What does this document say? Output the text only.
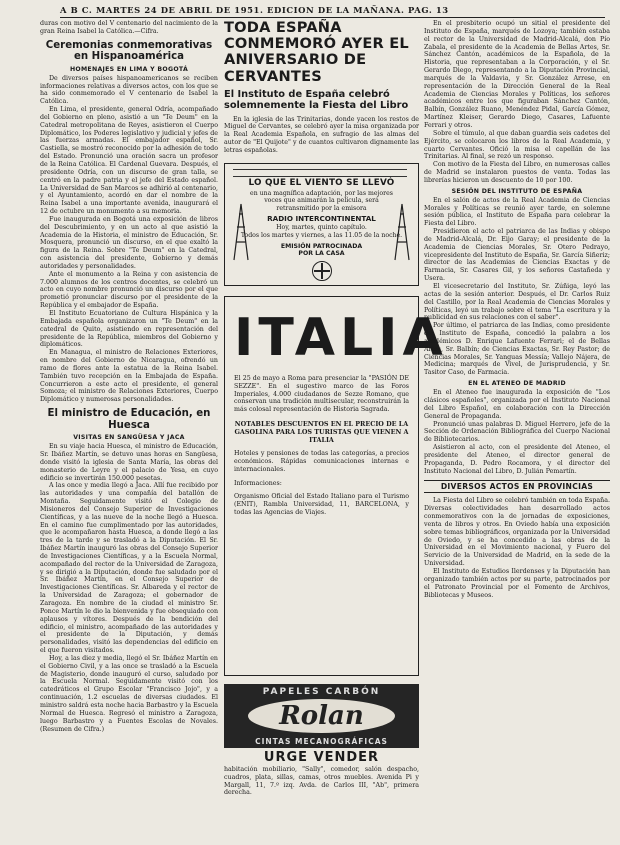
A B C. MARTES 24 DE ABRIL DE 1951. EDICION DE LA MAÑANA. PAG. 13

duras con motivo del V centenario del nacimiento de la gran Reina Isabel la Católica.—Cifra.

Ceremonias conmemorativas en Hispanoamérica
HOMENAJES EN LIMA Y BOGOTÁ

De diversos países hispanoamericanos se reciben informaciones relativas a diversos actos, con los que se ha sido conmemorado el V centenario de Isabel la Católica.

En Lima, el presidente, general Odría, acompañado del Gobierno en pleno, asistió a un "Te Deum" en la Catedral metropolitana de Reyes, asistieron el Cuerpo Diplomático, los Poderes legislativo y judicial y jefes de las fuerzas armadas. El embajador español, Sr. Castiella, se mostró reconocido por la adhesión de todo del Estado. Pronunció una oración sacra un profesor de la Reina Católica. El Cardenal Guevara. Después, el presidente Odría, con un discurso de gran talla, se centró en la padre patria y el jefe del Estado español. La Universidad de San Marcos se adhirió al centenario, y el Ayuntamiento, acordó en dar el nombre de la Reina Isabel a una importante avenida, inaugurará el 12 de octubre un monumento a su memoria.

Fue inaugurada en Bogotá una exposición de libros del Descubrimiento, y en un acto al que asistió la Academia de la Historia, el ministro de Educación, Sr. Mosquera, pronunció un discurso, en el que exaltó la figura de la Reina. Sobre "Te Deum" en la Catedral, con asistencia del presidente, Gobierno y demás autoridades y personalidades.

Ante el monumento a la Reina y con asistencia de 7.000 alumnos de los centros docentes, se celebró un acto en cuyo nombre pronunció un discurso por el que prometió pronunciar discurso por el presidente de la República y el embajador de España.

El Instituto Ecuatoriano de Cultura Hispánica y la Embajada española organizaron un "Te Deum" en la catedral de Quito, asistiendo en representación del presidente de la República, miembros del Gobierno y diplomáticos.

En Managua, el ministro de Relaciones Exteriores, en nombre del Gobierno de Nicaragua, ofrendó un ramo de flores ante la estatua de la Reina Isabel. También tuvo recepción en la Embajada de España. Concurrieron a este acto el presidente, el general Somoza; el ministro de Relaciones Exteriores, Cuerpo Diplomático y numerosas personalidades.

El ministro de Educación, en Huesca
VISITAS EN SANGÜESA Y JACA

En su viaje hacia Huesca, el ministro de Educación, Sr. Ibáñez Martín, se detuvo unas horas en Sangüesa, donde visitó la iglesia de Santa María, las obras del monasterio de Leyre y el palacio de Yesa, en cuyo edificio se invertirán 150.000 pesetas.

A las once y media llegó a Jaca. Allí fue recibido por las autoridades y una compañía del batallón de Montaña. Seguidamente visitó el Colegio de Misioneros del Consejo Superior de Investigaciones Científicas, y a las nueve de la noche llegó a Huesca. En el camino fue cumplimentado por las autoridades, que le acompañaron hasta Huesca, a donde llegó a las tres de la tarde y se trasladó a la Diputación. El Sr. Ibáñez Martín inauguró las obras del Consejo Superior de Investigaciones Científicas, y a la Escuela Normal, acompañado del rector de la Universidad de Zaragoza, y se dirigió a la Diputación, donde fue saludado por el Sr. Ibáñez Martín, en el Consejo Superior de Investigaciones Científicas. Sr. Albareda y el rector de la Universidad de Zaragoza; el gobernador de Zaragoza. En nombre de la ciudad el ministro Sr. Ponce Martín le dio la bienvenida y fue obsequiado con aplausos y vítores. Después de la bendición del edificio, el ministro, acompañado de las autoridades y el presidente de la Diputación, y demás personalidades, visitó las dependencias del edificio en el que fueron visitados.

Hoy, a las diez y media, llegó el Sr. Ibáñez Martín en el Gobierno Civil, y a las once se trasladó a la Escuela de Magisterio, donde inauguró el curso, saludado por la Escuela Normal. Seguidamente visitó con los catedráticos el Grupo Escolar "Francisco Jojo", y a continuación, 1.2 escuelas de diversas ciudades. El ministro saldrá esta noche hacia Barbastro y la Escuela Normal de Huesca. Regresó el ministro a Zaragoza, luego Barbastro y a Fuentes Escolas de Novales. (Resumen de Cifra.)

TODA ESPAÑA CONMEMORÓ AYER EL ANIVERSARIO DE CERVANTES
El Instituto de España celebró solemnemente la Fiesta del Libro

En la iglesia de las Trinitarias, donde yacen los restos de Miguel de Cervantes, se celebró ayer la misa organizada por la Real Academia Española, en sufragio de las almas del autor de "El Quijote" y de cuantos cultivaron dignamente las letras españolas.

LO QUE EL VIENTO SE LLEVÓ
en una magnífica adaptación, por las mejores voces que animarán la película, será retransmitido por la emisora
RADIO INTERCONTINENTAL
Hoy, martes, quinto capítulo.
Todos los martes y viernes, a las 11.05 de la noche.
EMISIÓN PATROCINADA
POR LA CASA
ITALIA

El 25 de mayo a Roma para presenciar la "PASIÓN DE SEZZE". En el sugestivo marco de las Foros Imperiales, 4.000 ciudadanos de Sezze Romano, que conservan una tradición multisecular, reconstruirán la más colosal representación de Historia Sagrada.

NOTABLES DESCUENTOS EN EL PRECIO DE LA GASOLINA PARA LOS TURISTAS QUE VIENEN A ITALIA

Hoteles y pensiones de todas las categorías, a precios económicos. Rápidas comunicaciones internas e internacionales.

Informaciones:

Organismo Oficial del Estado Italiano para el Turismo (ENIT), Rambla Universidad, 11, BARCELONA, y todas las Agencias de Viajes.

PAPELES CARBÓN
Rolan
CINTAS MECANOGRÁFICAS
URGE VENDER

habitación mobiliario, "Sally", comedor, salón despacho, cuadros, plata, sillas, camas, otros muebles. Avenida Pi y Margall, 11, 7.º izq. Avda. de Carlos III, "Ab", primera derecha.

En el presbiterio ocupó un sitial el presidente del Instituto de España, marqués de Lozoya; también estaba el rector de la Universidad de Madrid-Alcalá, don Pío Zabala, el presidente de la Academia de Bellas Artes, Sr. Sánchez Cantón, académicos de la Española, de la Historia, que representaban a la Corporación, y el Sr. Gerardo Diego, representando a la Diputación Provincial, marqués de la Valdavia, y Sr. González Arrese, en representación de la Dirección General de la Real Academia de Ciencias Morales y Políticas, los señores académicos entre los que figuraban Sánchez Cantón, Balbín, González Ruano, Menéndez Pidal, García Gómez, Martínez Kleiser, Gerardo Diego, Casares, Lafuente Ferrari y otros.

Sobre el túmulo, al que daban guardia seis cadetes del Ejército, se colocaron los libros de la Real Academia, y cuarto Cervantes. Ofició la misa el capellán de las Trinitarias. Al final, se rezó un responso.

Con motivo de la Fiesta del Libro, en numerosas calles de Madrid se instalaron puestos de venta. Todas las librerías hicieron un descuento de 10 por 100.

SESIÓN DEL INSTITUTO DE ESPAÑA

En el salón de actos de la Real Academia de Ciencias Morales y Políticas se reunió ayer tarde, en solemne sesión pública, el Instituto de España para celebrar la Fiesta del Libro.

Presidieron el acto el patriarca de las Indias y obispo de Madrid-Alcalá, Dr. Eijo Garay; el presidente de la Academia de Ciencias Morales, Sr. Otero Pedrayo, vicepresidente del Instituto de España, Sr. García Siñeriz; director de las Academias de Ciencias Exactas y de Farmacia, Sr. Casares Gil, y los señores Castañeda y Usera.

El vicesecretario del Instituto, Sr. Zúñiga, leyó las actas de la sesión anterior. Después, el Dr. Carlos Ruiz del Castillo, por la Real Academia de Ciencias Morales y Políticas, leyó un trabajo sobre el tema "La escritura y la publicidad en sus relaciones con el saber".

Por último, el patriarca de las Indias, como presidente del Instituto de España, concedió la palabra a los académicos D. Enrique Lafuente Ferrari; el de Bellas Artes, Sr. Balbín; de Ciencias Exactas, Sr. Rey Pastor; de Ciencias Morales, Sr. Yanguas Messía; Vallejo Nájera, de Medicina; marqués de Vivel, de Jurisprudencia, y Sr. Tasitor Caso, de Farmacia.

EN EL ATENEO DE MADRID

En el Ateneo fue inaugurada la exposición de "Los clásicos españoles", organizada por el Instituto Nacional del Libro Español, en colaboración con la Dirección General de Propaganda.

Pronunció unas palabras D. Miguel Herrero, jefe de la Sección de Ordenación Bibliográfica del Cuerpo Nacional de Bibliotecarios.

Asistieron al acto, con el presidente del Ateneo, el presidente del Ateneo, el director general de Propaganda, D. Pedro Rocamora, y el director del Instituto Nacional del Libro, D. Julián Pemartín.

DIVERSOS ACTOS EN PROVINCIAS

La Fiesta del Libro se celebró también en toda España. Diversas colectividades han desarrollado actos conmemorativos con la de jornadas de exposiciones, venta de libros y otros. En Oviedo había una exposición sobre temas bibliográficos, organizada por la Universidad de Oviedo, y se ha concedido a las obras de la Universidad en el Movimiento nacional, y Fuero del Servicio de la Universidad de Madrid, en la sede de la Universidad.

El Instituto de Estudios Ilerdenses y la Diputación han organizado también actos por su parte, patrocinados por el Patronato Provincial por el Fomento de Archivos, Bibliotecas y Museos.
